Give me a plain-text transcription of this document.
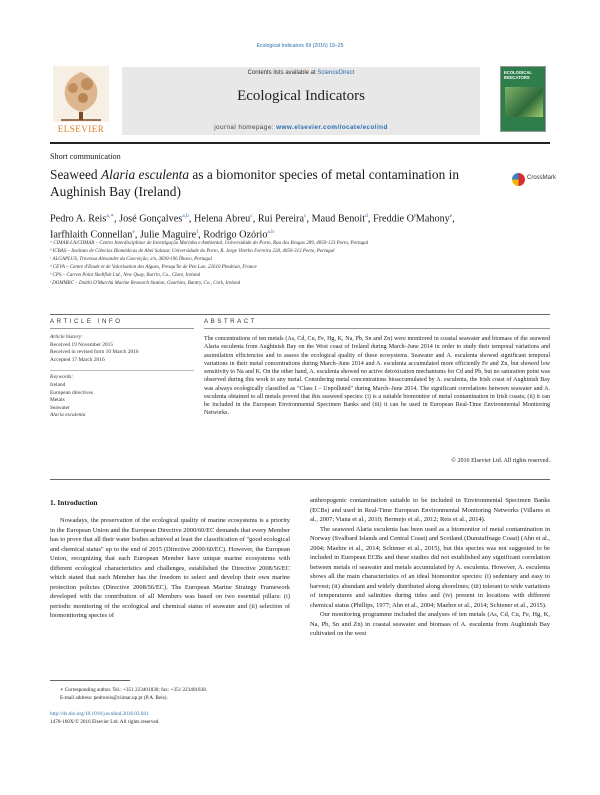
Ecological Indicators 69 (2016) 19–25
Contents lists available at ScienceDirect
Ecological Indicators
journal homepage: www.elsevier.com/locate/ecolind
ELSEVIER
ECOLOGICAL INDICATORS
Short communication
Seaweed Alaria esculenta as a biomonitor species of metal contamination in Aughinish Bay (Ireland)
CrossMark
Pedro A. Reis$^{a,∗}$, José Gonçalves$^{a,b}$, Helena Abreu$^c$, Rui Pereira$^c$, Maud Benoit$^d$, Freddie O'Mahony$^e$, Iarfhlaith Connellan$^e$, Julie Maguire$^f$, Rodrigo Ozório$^{a,b}$
ᵃ CIMAR-LA/CIIMAR – Centro Interdisciplinar de Investigação Marinha e Ambiental, Universidade do Porto, Rua dos Bragas 289, 4050-123 Porto, Portugal
ᵇ ICBAS – Instituto de Ciências Biomédicas de Abel Salazar, Universidade do Porto, R. Jorge Viterbo Ferreira 228, 4050-313 Porto, Portugal
ᶜ ALGAPLUS, Travessa Alexandre da Conceição, s/n, 3830-196 Ílhavo, Portugal
ᵈ CEVA – Centre d'Etude et de Valorisation des Algues, Presqu'île de Pen Lan, 22610 Pleubian, France
ᵉ CPS – Carron Point Shellfish Ltd., New Quay, Burrin, Co., Clare, Ireland
ᶠ DOMMRC – Daithí O'Murchú Marine Research Station, Gearhies, Bantry, Co., Cork, Ireland
ARTICLE INFO	ABSTRACT
Article history:
Received 19 November 2015
Received in revised form 10 March 2016
Accepted 17 March 2016
Keywords:
Ireland
European directives
Metals
Seawater
Alaria esculenta
The concentrations of ten metals (As, Cd, Cu, Fe, Hg, K, Na, Pb, Sn and Zn) were monitored in coastal seawater and biomass of the seaweed Alaria esculenta from Aughinish Bay on the West coast of Ireland during March–June 2014 in order to study their temporal variations and assimilation efficiencies and to assess the ecological quality of these ecosystems. Seawater and A. esculenta showed significant temporal variations in their metal concentrations during March–June 2014 and A. esculenta accumulated more efficiently Fe and Zn, but showed low sensitivity to Na and K. On the other hand, A. esculenta showed no active detoxication mechanisms for Cd and Pb, but no saturation point was observed during this work to any metal. Considering metal concentrations bioaccumulated by A. esculenta, the Irish coast of Aughinish Bay was always ecologically classified as "Class I – Unpolluted" during March–June 2014. The significant correlations between seawater and A. esculenta obtained to all metals proved that this seaweed species: (i) is a suitable biomonitor of metal contamination in Irish coasts; (ii) it can be included in the European Environmental Specimen Banks and (iii) it can be used in European Real-Time Environmental Monitoring Networks.
© 2016 Elsevier Ltd. All rights reserved.
1. Introduction

Nowadays, the preservation of the ecological quality of marine ecosystems is a priority in the European Union and the European Directive 2000/60/EC demands that every Member has to prove that all their water bodies achieved at least the classification of "good ecological and chemical status" up to the end of 2015 (Directive 2000/60/EC). However, the European Union, recognizing that each European Member have unique marine ecosystems with different ecological characteristics and challenges, established the Directive 2008/56/EC which stated that each Member has the freedom to select and develop their own marine protection policies (Directive 2008/56/EC). The European Marine Strategy Framework developed with the contribution of all Members was based on two essential pillars: (i) periodic monitoring of the ecological and chemical status of seawater and (ii) selection of biomonitoring species of

anthropogenic contamination suitable to be included in Environmental Specimen Banks (ECBs) and used in Real-Time European Environmental Monitoring Networks (Villares et al., 2007; Viana et al., 2010; Bermejo et al., 2012; Reis et al., 2014).

The seaweed Alaria esculenta has been used as a biomonitor of metal contamination in Norway (Svalbard Islands and Central Coast) and Scotland (Dunstaffnage Coast) (Ahn et al., 2004; Maehre et al., 2014; Schiener et al., 2015), but this species was not suggested to be included in European ECBs and these studies did not established any significant correlation between metals of seawater and metals accumulated by A. esculenta. However, A. esculenta shows all the main characteristics of an ideal biomonitor species: (i) sedentary and easy to harvest; (ii) abundant and widely distributed along shorelines; (iii) tolerant to wide variations of temperatures and salinities during tides and (iv) present in locations with different chemical status (Phillips, 1977; Ahn et al., 2004; Maehre et al., 2014; Schiener et al., 2015).

Our monitoring programme included the analyses of ten metals (As, Cd, Cu, Fe, Hg, K, Na, Pb, Sn and Zn) in coastal seawater and biomass of A. esculenta from Aughinish Bay cultivated on the west

∗ Corresponding author. Tel.: +351 223401830; fax: +351 223401838.
E-mail address: pedroreis@ciimar.up.pt (P.A. Reis).
http://dx.doi.org/10.1016/j.ecolind.2016.03.041
1470-160X/© 2016 Elsevier Ltd. All rights reserved.
